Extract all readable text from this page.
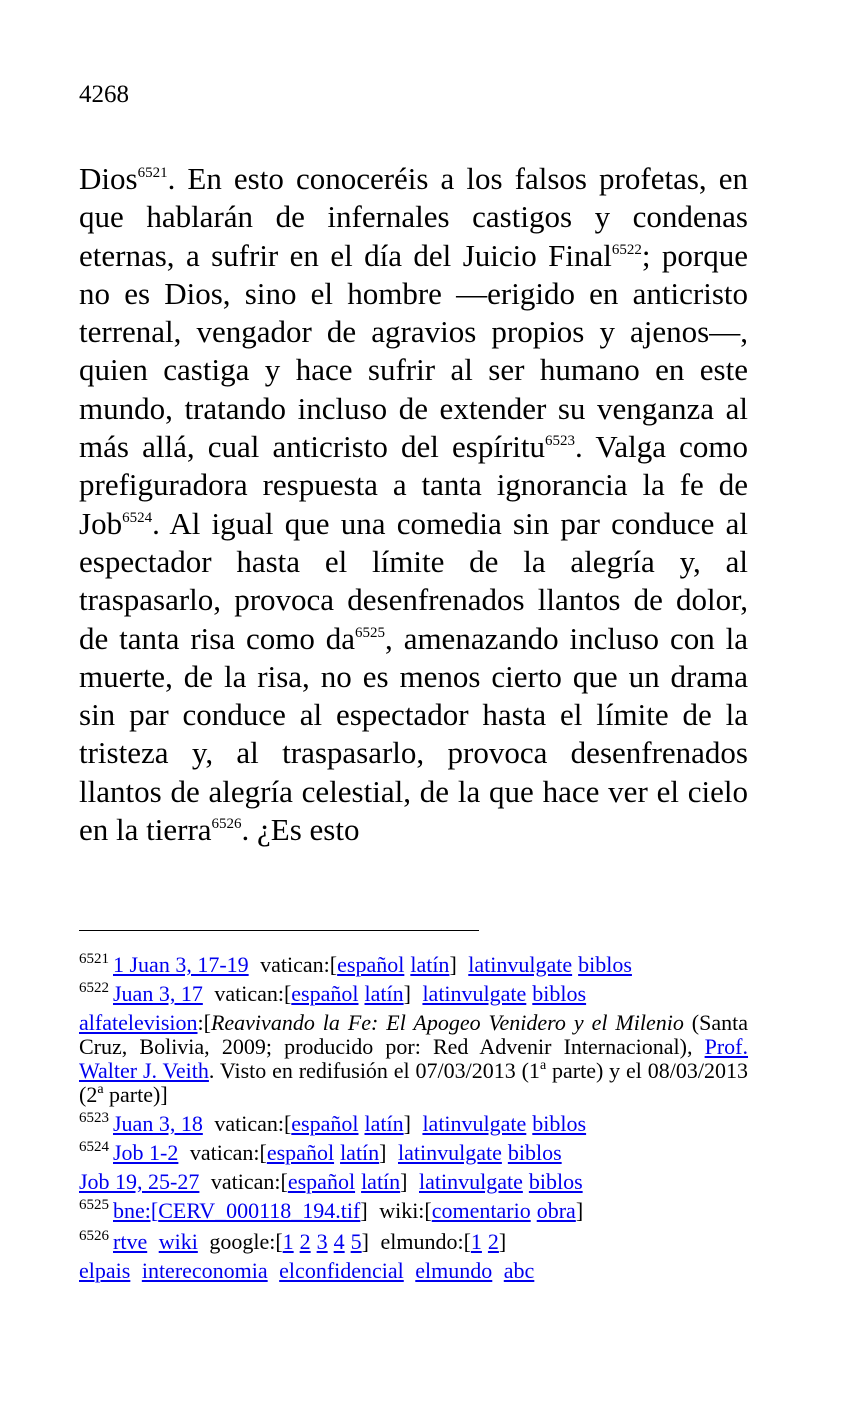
4268
Dios$^{6521}$. En esto conoceréis a los falsos profetas, en que hablarán de infernales castigos y condenas eternas, a sufrir en el día del Juicio Final$^{6522}$; porque no es Dios, sino el hombre —erigido en anticristo terrenal, vengador de agravios propios y ajenos—, quien castiga y hace sufrir al ser humano en este mundo, tratando incluso de extender su venganza al más allá, cual anticristo del espíritu$^{6523}$. Valga como prefiguradora respuesta a tanta ignorancia la fe de Job$^{6524}$. Al igual que una comedia sin par conduce al espectador hasta el límite de la alegría y, al traspasarlo, provoca desenfrenados llantos de dolor, de tanta risa como $da^{6525}$, amenazando incluso con la muerte, de la risa, no es menos cierto que un drama sin par conduce al espectador hasta el límite de la tristeza y, al traspasarlo, provoca desenfrenados llantos de alegría celestial, de la que hace ver el cielo en la tierra$^{6526}$. ¿Es esto
$^{6521}$ 1 Juan 3, 17-19 vatican:[español latín] latinvulgate biblos
$^{6522}$ Juan 3, 17 vatican:[español latín] latinvulgate biblos
alfatelevision:[Reavivando la Fe: El Apogeo Venidero y el Milenio (Santa Cruz, Bolivia, 2009; producido por: Red Advenir Internacional), Prof. Walter J. Veith. Visto en redifusión el 07/03/2013 (1$^a$ parte) y el 08/03/2013 (2$^a$ parte)]
$^{6523}$ Juan 3, 18 vatican:[español latín] latinvulgate biblos
$^{6524}$ Job 1-2 vatican:[español latín] latinvulgate biblos
Job 19, 25-27 vatican:[español latín] latinvulgate biblos
$^{6525}$ bne:[CERV_000118_194.tif] wiki:[comentario obra]
$^{6526}$ rtve wiki google:[1 2 3 4 5] elmundo:[1 2]
elpais intereconomia elconfidencial elmundo abc
